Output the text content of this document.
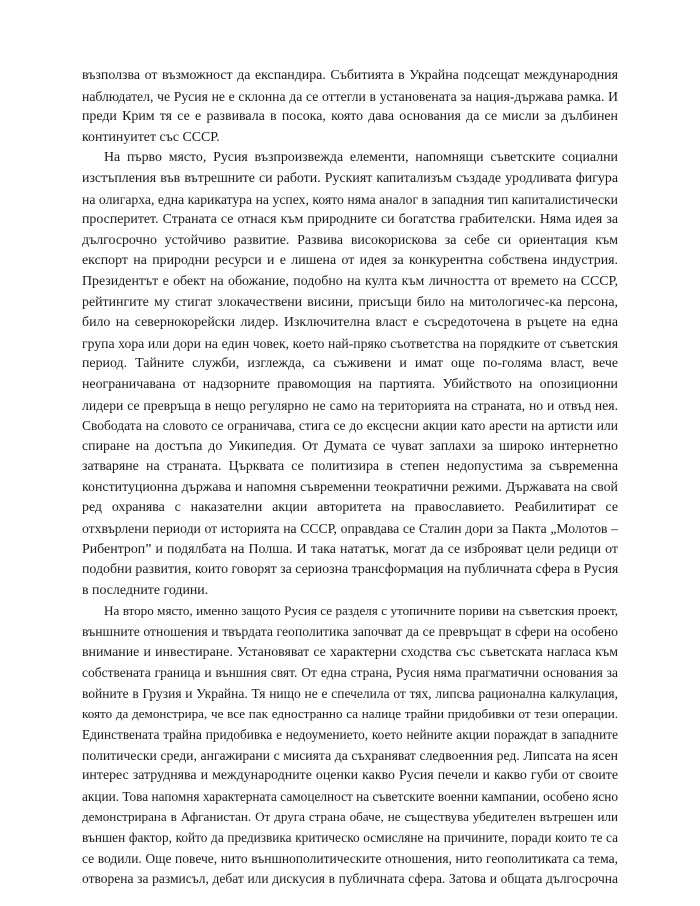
възползва от възможност да експандира. Събитията в Украйна подсещат международния
наблюдател, че Русия не е склонна да се оттегли в установената за нация-държава рамка. И
преди Крим тя се е развивала в посока, която дава основания да се мисли за дълбинен
континуитет със СССР.
На първо място, Русия възпроизвежда елементи, напомнящи съветските социални
изстъпления във вътрешните си работи. Руският капитализъм създаде уродливата фигура
на олигарха, една карикатура на успех, която няма аналог в западния тип капиталистически
просперитет. Страната се отнася към природните си богатства грабителски. Няма идея за
дългосрочно устойчиво развитие. Развива високорискова за себе си ориентация към
експорт на природни ресурси и е лишена от идея за конкурентна собствена индустрия.
Президентът е обект на обожание, подобно на култа към личността от времето на СССР,
рейтингите му стигат злокачествени висини, присъщи било на митологичес-ка персона,
било на севернокорейски лидер. Изключителна власт е съсредоточена в ръцете на една
група хора или дори на един човек, което най-пряко съответства на порядките от съветския
период. Тайните служби, изглежда, са съживени и имат още по-голяма власт, вече
неограничавана от надзорните правомощия на партията. Убийството на опозиционни
лидери се превръща в нещо регулярно не само на територията на страната, но и отвъд нея.
Свободата на словото се ограничава, стига се до ексцесни акции като арести на артисти или
спиране на достъпа до Уикипедия. От Думата се чуват заплахи за широко интернетно
затваряне на страната. Църквата се политизира в степен недопустима за съвременна
конституционна държава и напомня съвременни теократични режими. Държавата на свой
ред охранява с наказателни акции авторитета на православието. Реабилитират се
отхвърлени периоди от историята на СССР, оправдава се Сталин дори за Пакта „Молотов –
Рибентроп” и подялбата на Полша. И така нататък, могат да се изброяват цели редици от
подобни развития, които говорят за сериозна трансформация на публичната сфера в Русия
в последните години.
На второ място, именно защото Русия се разделя с утопичните пориви на съветския проект,
външните отношения и твърдата геополитика започват да се превръщат в сфери на особено
внимание и инвестиране. Установяват се характерни сходства със съветската нагласа към
собствената граница и външния свят. От една страна, Русия няма прагматични основания за
войните в Грузия и Украйна. Тя нищо не е спечелила от тях, липсва рационална калкулация,
която да демонстрира, че все пак едностранно са налице трайни придобивки от тези операции.
Единствената трайна придобивка е недоумението, което нейните акции пораждат в западните
политически среди, ангажирани с мисията да съхраняват следвоенния ред. Липсата на ясен
интерес затруднява и международните оценки какво Русия печели и какво губи от своите
акции. Това напомня характерната самоцелност на съветските военни кампании, особено ясно
демонстрирана в Афганистан. От друга страна обаче, не съществува убедителен вътрешен или
външен фактор, който да предизвика критическо осмисляне на причините, поради които те са
се водили. Още повече, нито външнополитическите отношения, нито геополитиката са тема,
отворена за размисъл, дебат или дискусия в публичната сфера. Затова и общата дългосрочна
